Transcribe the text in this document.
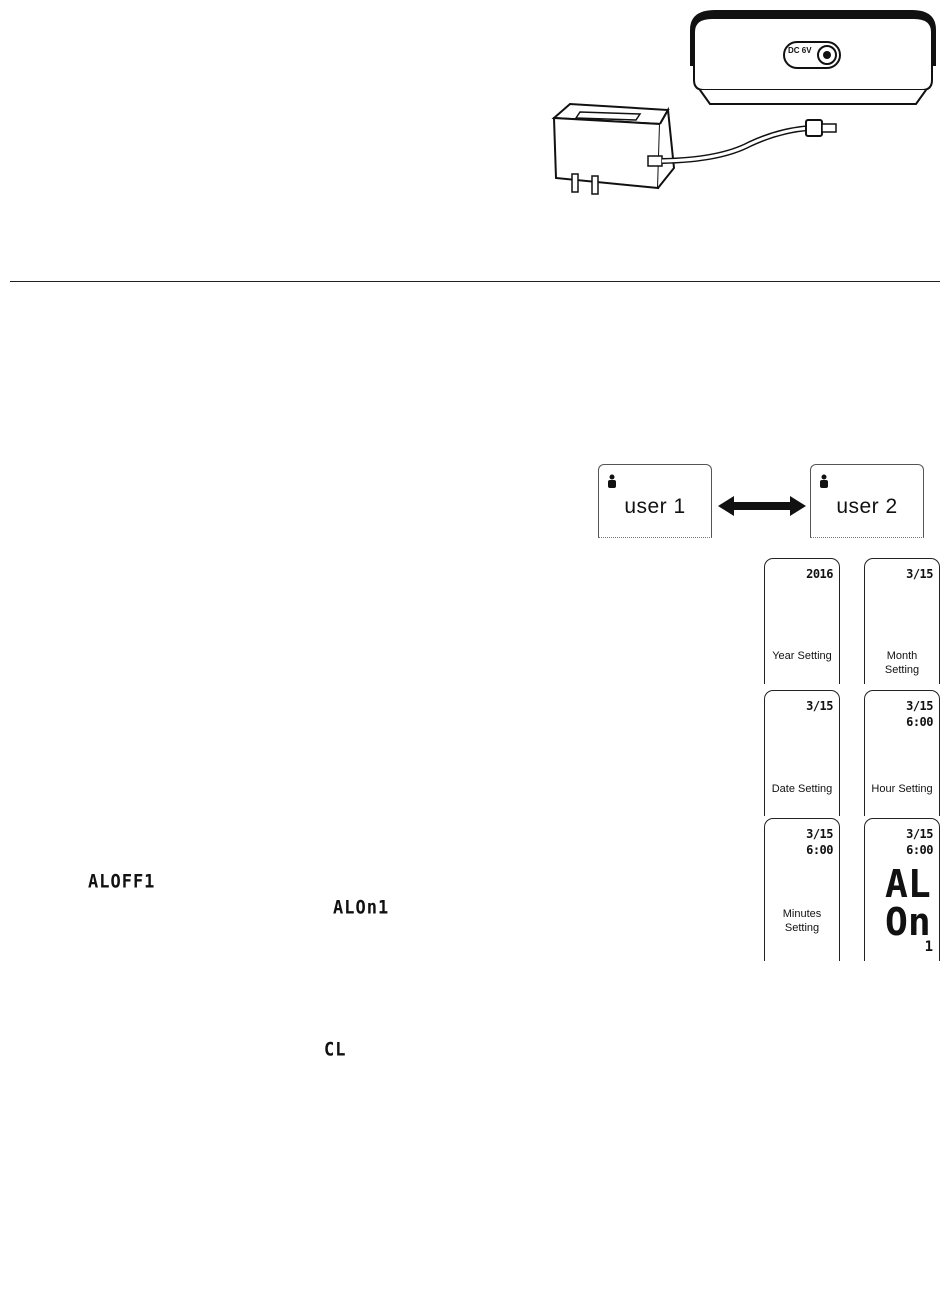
DC 6V
user 1	user 2
2016
Year Setting
3/15
Month Setting
3/15
Date Setting
3/15
6:00
Hour Setting
3/15
6:00
Minutes Setting
3/15
6:00
AL
On
1
ALOFF1
ALOn1
CL
